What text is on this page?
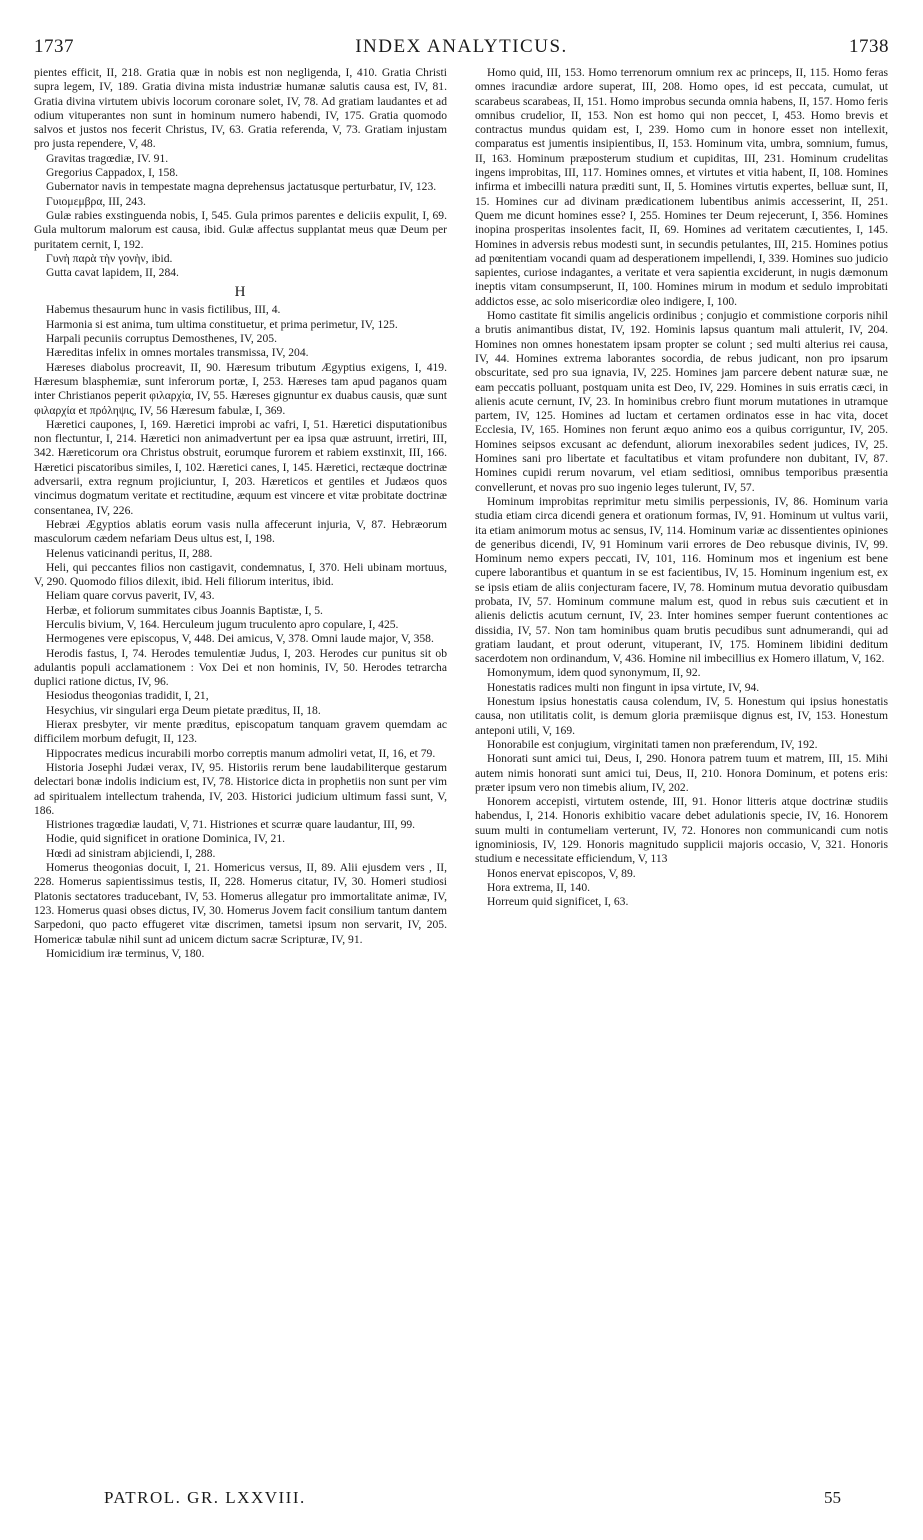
1737	INDEX ANALYTICUS.	1738

pientes efficit, II, 218. Gratia quæ in nobis est non negligenda, I, 410. Gratia Christi supra legem, IV, 189. Gratia divina mista industriæ humanæ salutis causa est, IV, 81. Gratia divina virtutem ubivis locorum coronare solet, IV, 78. Ad gratiam laudantes et ad odium vituperantes non sunt in hominum numero habendi, IV, 175. Gratia quomodo salvos et justos nos fecerit Christus, IV, 63. Gratia referenda, V, 73. Gratiam injustam pro justa rependere, V, 48.

Gravitas tragœdiæ, IV. 91.

Gregorius Cappadox, I, 158.

Gubernator navis in tempestate magna deprehensus jactatusque perturbatur, IV, 123.

Γυιομεμβρα, III, 243.

Gulæ rabies exstinguenda nobis, I, 545. Gula primos parentes e deliciis expulit, I, 69. Gula multorum malorum est causa, ibid. Gulæ affectus supplantat meus quæ Deum per puritatem cernit, I, 192.

Γυνὴ παρὰ τὴν γονὴν, ibid.

Gutta cavat lapidem, II, 284.

H

Habemus thesaurum hunc in vasis fictilibus, III, 4.

Harmonia si est anima, tum ultima constituetur, et prima perimetur, IV, 125.

Harpali pecuniis corruptus Demosthenes, IV, 205.

Hæreditas infelix in omnes mortales transmissa, IV, 204.

Hæreses diabolus procreavit, II, 90. Hæresum tributum Ægyptius exigens, I, 419. Hæresum blasphemiæ, sunt inferorum portæ, I, 253. Hæreses tam apud paganos quam inter Christianos peperit φιλαρχία, IV, 55. Hæreses gignuntur ex duabus causis, quæ sunt φιλαρχία et πρόληψις, IV, 56 Hæresum fabulæ, I, 369.

Hæretici caupones, I, 169. Hæretici improbi ac vafri, I, 51. Hæretici disputationibus non flectuntur, I, 214. Hæretici non animadvertunt per ea ipsa quæ astruunt, irretiri, III, 342. Hæreticorum ora Christus obstruit, eorumque furorem et rabiem exstinxit, III, 166. Hæretici piscatoribus similes, I, 102. Hæretici canes, I, 145. Hæretici, rectæque doctrinæ adversarii, extra regnum projiciuntur, I, 203. Hæreticos et gentiles et Judæos quos vincimus dogmatum veritate et rectitudine, æquum est vincere et vitæ probitate doctrinæ consentanea, IV, 226.

Hebræi Ægyptios ablatis eorum vasis nulla affecerunt injuria, V, 87. Hebræorum masculorum cædem nefariam Deus ultus est, I, 198.

Helenus vaticinandi peritus, II, 288.

Heli, qui peccantes filios non castigavit, condemnatus, I, 370. Heli ubinam mortuus, V, 290. Quomodo filios dilexit, ibid. Heli filiorum interitus, ibid.

Heliam quare corvus paverit, IV, 43.

Herbæ, et foliorum summitates cibus Joannis Baptistæ, I, 5.

Herculis bivium, V, 164. Herculeum jugum truculento apro copulare, I, 425.

Hermogenes vere episcopus, V, 448. Dei amicus, V, 378. Omni laude major, V, 358.

Herodis fastus, I, 74. Herodes temulentiæ Judus, I, 203. Herodes cur punitus sit ob adulantis populi acclamationem : Vox Dei et non hominis, IV, 50. Herodes tetrarcha duplici ratione dictus, IV, 96.

Hesiodus theogonias tradidit, I, 21,

Hesychius, vir singulari erga Deum pietate præditus, II, 18.

Hierax presbyter, vir mente præditus, episcopatum tanquam gravem quemdam ac difficilem morbum defugit, II, 123.

Hippocrates medicus incurabili morbo correptis manum admoliri vetat, II, 16, et 79.

Historia Josephi Judæi verax, IV, 95. Historiis rerum bene laudabiliterque gestarum delectari bonæ indolis indicium est, IV, 78. Historice dicta in prophetiis non sunt per vim ad spiritualem intellectum trahenda, IV, 203. Historici judicium ultimum fassi sunt, V, 186.

Histriones tragœdiæ laudati, V, 71. Histriones et scurræ quare laudantur, III, 99.

Hodie, quid significet in oratione Dominica, IV, 21.

Hœdi ad sinistram abjiciendi, I, 288.

Homerus theogonias docuit, I, 21. Homericus versus, II, 89. Alii ejusdem vers , II, 228. Homerus sapientissimus testis, II, 228. Homerus citatur, IV, 30. Homeri studiosi Platonis sectatores traducebant, IV, 53. Homerus allegatur pro immortalitate animæ, IV, 123. Homerus quasi obses dictus, IV, 30. Homerus Jovem facit consilium tantum dantem Sarpedoni, quo pacto effugeret vitæ discrimen, tametsi ipsum non servarit, IV, 205. Homericæ tabulæ nihil sunt ad unicem dictum sacræ Scripturæ, IV, 91.

Homicidium iræ terminus, V, 180.

Homo quid, III, 153. Homo terrenorum omnium rex ac princeps, II, 115. Homo feras omnes iracundiæ ardore superat, III, 208. Homo opes, id est peccata, cumulat, ut scarabeus scarabeas, II, 151. Homo improbus secunda omnia habens, II, 157. Homo feris omnibus crudelior, II, 153. Non est homo qui non peccet, I, 453. Homo brevis et contractus mundus quidam est, I, 239. Homo cum in honore esset non intellexit, comparatus est jumentis insipientibus, II, 153. Hominum vita, umbra, somnium, fumus, II, 163. Hominum præposterum studium et cupiditas, III, 231. Hominum crudelitas ingens improbitas, III, 117. Homines omnes, et virtutes et vitia habent, II, 108. Homines infirma et imbecilli natura præditi sunt, II, 5. Homines virtutis expertes, belluæ sunt, II, 15. Homines cur ad divinam prædicationem lubentibus animis accesserint, II, 251. Quem me dicunt homines esse? I, 255. Homines ter Deum rejecerunt, I, 356. Homines inopina prosperitas insolentes facit, II, 69. Homines ad veritatem cæcutientes, I, 145. Homines in adversis rebus modesti sunt, in secundis petulantes, III, 215. Homines potius ad pœnitentiam vocandi quam ad desperationem impellendi, I, 339. Homines suo judicio sapientes, curiose indagantes, a veritate et vera sapientia exciderunt, in nugis dæmonum ineptis vitam consumpserunt, II, 100. Homines mirum in modum et sedulo improbitati addictos esse, ac solo misericordiæ oleo indigere, I, 100.

Homo castitate fit similis angelicis ordinibus ; conjugio et commistione corporis nihil a brutis animantibus distat, IV, 192. Hominis lapsus quantum mali attulerit, IV, 204. Homines non omnes honestatem ipsam propter se colunt ; sed multi alterius rei causa, IV, 44. Homines extrema laborantes socordia, de rebus judicant, non pro ipsarum obscuritate, sed pro sua ignavia, IV, 225. Homines jam parcere debent naturæ suæ, ne eam peccatis polluant, postquam unita est Deo, IV, 229. Homines in suis erratis cæci, in alienis acute cernunt, IV, 23. In hominibus crebro fiunt morum mutationes in utramque partem, IV, 125. Homines ad luctam et certamen ordinatos esse in hac vita, docet Ecclesia, IV, 165. Homines non ferunt æquo animo eos a quibus corriguntur, IV, 205. Homines seipsos excusant ac defendunt, aliorum inexorabiles sedent judices, IV, 25. Homines sani pro libertate et facultatibus et vitam profundere non dubitant, IV, 87. Homines cupidi rerum novarum, vel etiam seditiosi, omnibus temporibus præsentia convellerunt, et novas pro suo ingenio leges tulerunt, IV, 57.

Hominum improbitas reprimitur metu similis perpessionis, IV, 86. Hominum varia studia etiam circa dicendi genera et orationum formas, IV, 91. Hominum ut vultus varii, ita etiam animorum motus ac sensus, IV, 114. Hominum variæ ac dissentientes opiniones de generibus dicendi, IV, 91 Hominum varii errores de Deo rebusque divinis, IV, 99. Hominum nemo expers peccati, IV, 101, 116. Hominum mos et ingenium est bene cupere laborantibus et quantum in se est facientibus, IV, 15. Hominum ingenium est, ex se ipsis etiam de aliis conjecturam facere, IV, 78. Hominum mutua devoratio quibusdam probata, IV, 57. Hominum commune malum est, quod in rebus suis cæcutient et in alienis delictis acutum cernunt, IV, 23. Inter homines semper fuerunt contentiones ac dissidia, IV, 57. Non tam hominibus quam brutis pecudibus sunt adnumerandi, qui ad gratiam laudant, et prout oderunt, vituperant, IV, 175. Hominem libidini deditum sacerdotem non ordinandum, V, 436. Homine nil imbecillius ex Homero illatum, V, 162.

Homonymum, idem quod synonymum, II, 92.

Honestatis radices multi non fingunt in ipsa virtute, IV, 94.

Honestum ipsius honestatis causa colendum, IV, 5. Honestum qui ipsius honestatis causa, non utilitatis colit, is demum gloria præmiisque dignus est, IV, 153. Honestum anteponi utili, V, 169.

Honorabile est conjugium, virginitati tamen non præferendum, IV, 192.

Honorati sunt amici tui, Deus, I, 290. Honora patrem tuum et matrem, III, 15. Mihi autem nimis honorati sunt amici tui, Deus, II, 210. Honora Dominum, et potens eris: præter ipsum vero non timebis alium, IV, 202.

Honorem accepisti, virtutem ostende, III, 91. Honor litteris atque doctrinæ studiis habendus, I, 214. Honoris exhibitio vacare debet adulationis specie, IV, 16. Honorem suum multi in contumeliam verterunt, IV, 72. Honores non communicandi cum notis ignominiosis, IV, 129. Honoris magnitudo supplicii majoris occasio, V, 321. Honoris studium e necessitate efficiendum, V, 113

Honos enervat episcopos, V, 89.

Hora extrema, II, 140.

Horreum quid significet, I, 63.

PATROL. GR. LXXVIII.	55
